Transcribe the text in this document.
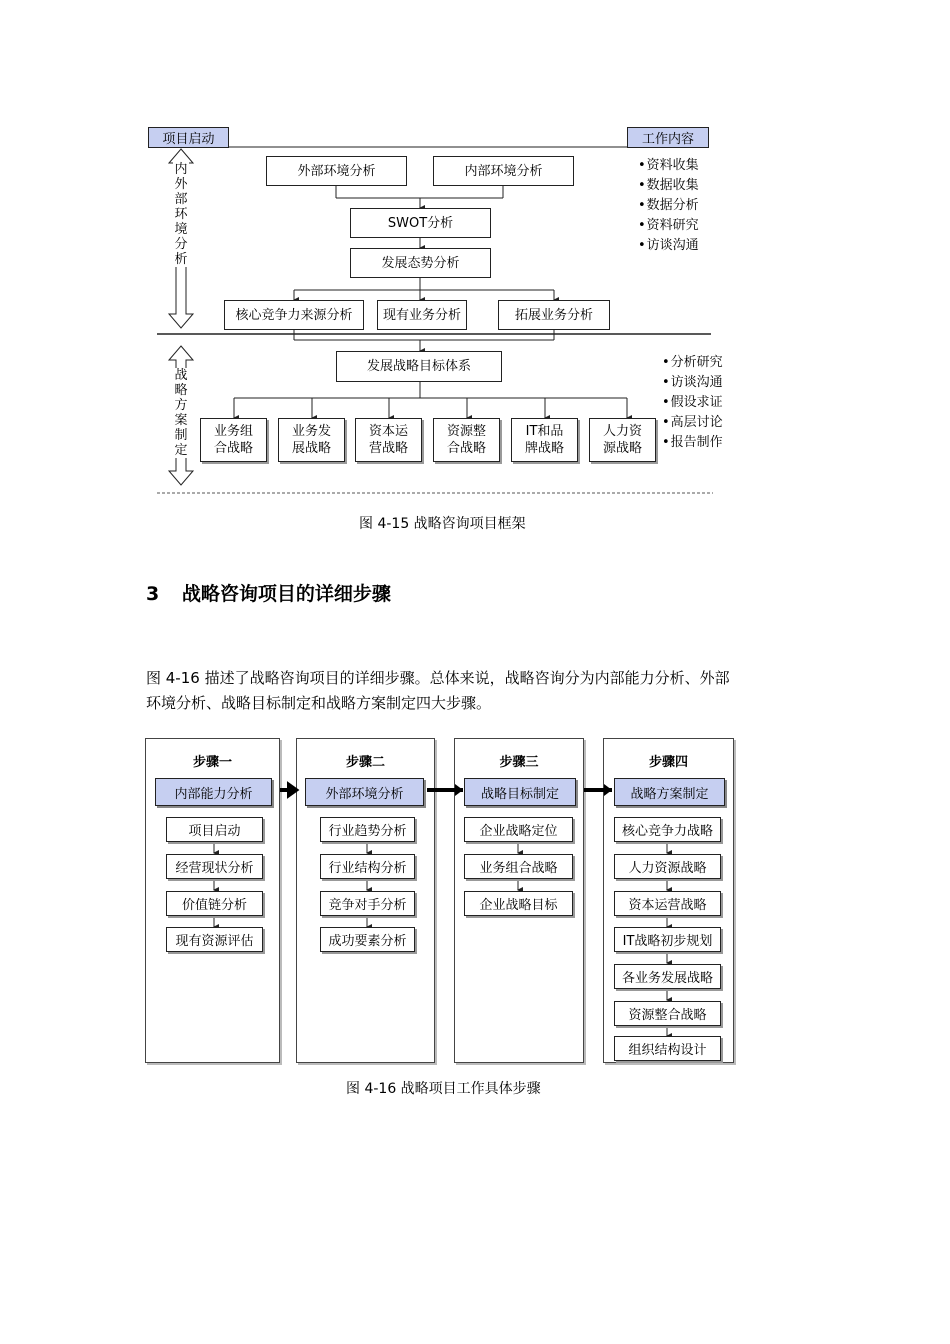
项目启动	工作内容
内
外
部
环
境
分
析
战
略
方
案
制
定
外部环境分析	内部环境分析
SWOT分析
发展态势分析
核心竞争力来源分析	现有业务分析	拓展业务分析
发展战略目标体系
业务组
合战略
业务发
展战略
资本运
营战略
资源整
合战略
IT和品
牌战略
人力资
源战略
• 资料收集
• 数据收集
• 数据分析
• 资料研究
• 访谈沟通
• 分析研究
• 访谈沟通
• 假设求证
• 高层讨论
• 报告制作
图 4-15 战略咨询项目框架
3 战略咨询项目的详细步骤
图 4-16 描述了战略咨询项目的详细步骤。总体来说，战略咨询分为内部能力分析、外部
环境分析、战略目标制定和战略方案制定四大步骤。
步骤一	步骤二	步骤三	步骤四
内部能力分析	外部环境分析	战略目标制定	战略方案制定
项目启动
经营现状分析
价值链分析
现有资源评估
行业趋势分析
行业结构分析
竞争对手分析
成功要素分析
企业战略定位
业务组合战略
企业战略目标
核心竞争力战略
人力资源战略
资本运营战略
IT战略初步规划
各业务发展战略
资源整合战略
组织结构设计
图 4-16 战略项目工作具体步骤
